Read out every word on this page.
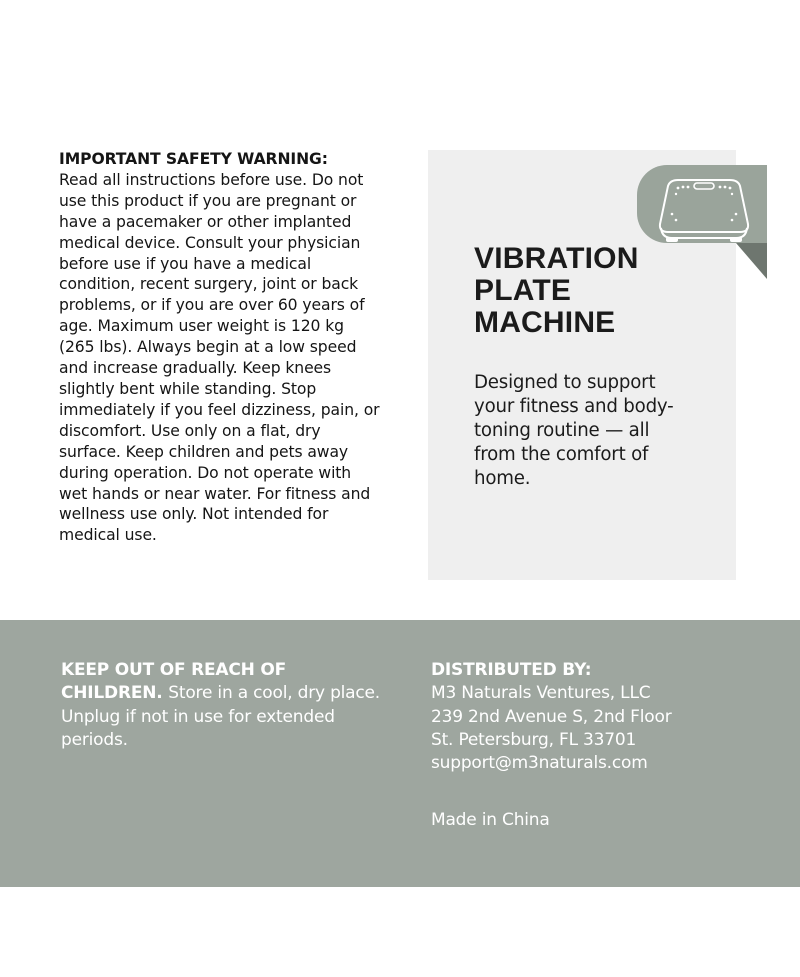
IMPORTANT SAFETY WARNING:
Read all instructions before use. Do not use this product if you are pregnant or have a pacemaker or other implanted medical device. Consult your physician before use if you have a medical condition, recent surgery, joint or back problems, or if you are over 60 years of age. Maximum user weight is 120 kg (265 lbs). Always begin at a low speed and increase gradually. Keep knees slightly bent while standing. Stop immediately if you feel dizziness, pain, or discomfort. Use only on a flat, dry surface. Keep children and pets away during operation. Do not operate with wet hands or near water. For fitness and wellness use only. Not intended for medical use.
VIBRATION
PLATE
MACHINE
Designed to support your fitness and body-toning routine — all from the comfort of home.
KEEP OUT OF REACH OF CHILDREN. Store in a cool, dry place. Unplug if not in use for extended periods.
DISTRIBUTED BY:
M3 Naturals Ventures, LLC
239 2nd Avenue S, 2nd Floor
St. Petersburg, FL 33701
support@m3naturals.com
Made in China
